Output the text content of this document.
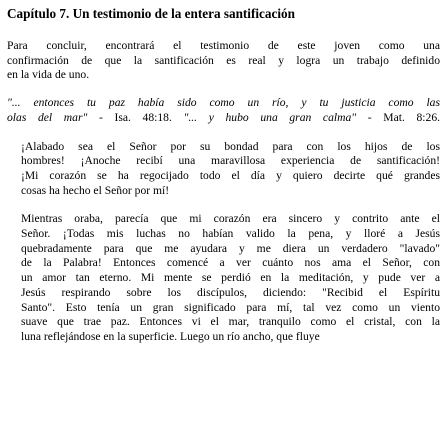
Capítulo 7. Un testimonio de la entera santificación
Para concluir, encontrará el testimonio de este joven como una
confirmación de que la santificación es real y logra un trabajo definido
en la vida de uno.
"... entonces tu paz había sido como un río, y tu justicia como las
olas del mar" - Isa. 48:18. "... y hubo una gran calma" - Mat. 8:26.
¡Alabado sea el Señor por su bondad para con los hijos de los
hombres! ¡Anoche recibí una maravillosa experiencia de santificación!
¡Mi corazón se ha regocijado todo el día y quiero decirte qué grandes
cosas ha hecho el Señor por mí!
Mientras oraba, parecía que mi corazón era sincero y contrito ante el
Señor. ¡Todas mis luchas no habían valido la pena, y lloré a Jesús
quebradamente para que me ayudara y me diera un verdadero "lavado"
de la Palabra! Entonces comencé a ver cuánto nos ama el Señor, con
un amor tan eterno. Mi mente se perdió en la meditación, y pude ver a
Jesús respirando sobre los discípulos, diciendo: "Recibid el Espíritu
Santo". Esto tenía un gran significado para mí, tal vez como un viento
suave que trae paz. Entonces vi el mar, tranquilo como el cristal, con la
luna reflejándose en la superficie. Luego un río ancho, que fluye
